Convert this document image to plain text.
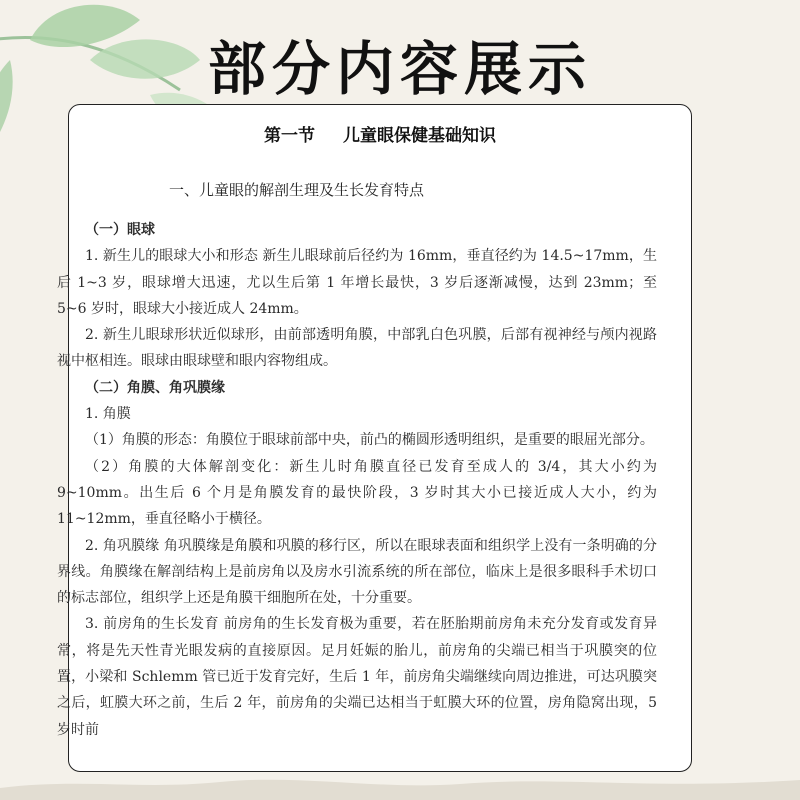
部分内容展示
第一节 儿童眼保健基础知识
一、儿童眼的解剖生理及生长发育特点

（一）眼球

1. 新生儿的眼球大小和形态 新生儿眼球前后径约为 16mm，垂直径约为 14.5~17mm，生后 1~3 岁，眼球增大迅速，尤以生后第 1 年增长最快，3 岁后逐渐减慢，达到 23mm；至 5~6 岁时，眼球大小接近成人 24mm。

2. 新生儿眼球形状近似球形，由前部透明角膜，中部乳白色巩膜，后部有视神经与颅内视路视中枢相连。眼球由眼球壁和眼内容物组成。

（二）角膜、角巩膜缘

1. 角膜

（1）角膜的形态：角膜位于眼球前部中央，前凸的椭圆形透明组织，是重要的眼屈光部分。

（2）角膜的大体解剖变化：新生儿时角膜直径已发育至成人的 3/4，其大小约为 9~10mm。出生后 6 个月是角膜发育的最快阶段，3 岁时其大小已接近成人大小，约为 11~12mm，垂直径略小于横径。

2. 角巩膜缘 角巩膜缘是角膜和巩膜的移行区，所以在眼球表面和组织学上没有一条明确的分界线。角膜缘在解剖结构上是前房角以及房水引流系统的所在部位，临床上是很多眼科手术切口的标志部位，组织学上还是角膜干细胞所在处，十分重要。

3. 前房角的生长发育 前房角的生长发育极为重要，若在胚胎期前房角未充分发育或发育异常，将是先天性青光眼发病的直接原因。足月妊娠的胎儿，前房角的尖端已相当于巩膜突的位置，小梁和 Schlemm 管已近于发育完好，生后 1 年，前房角尖端继续向周边推进，可达巩膜突之后，虹膜大环之前，生后 2 年，前房角的尖端已达相当于虹膜大环的位置，房角隐窝出现，5 岁时前
